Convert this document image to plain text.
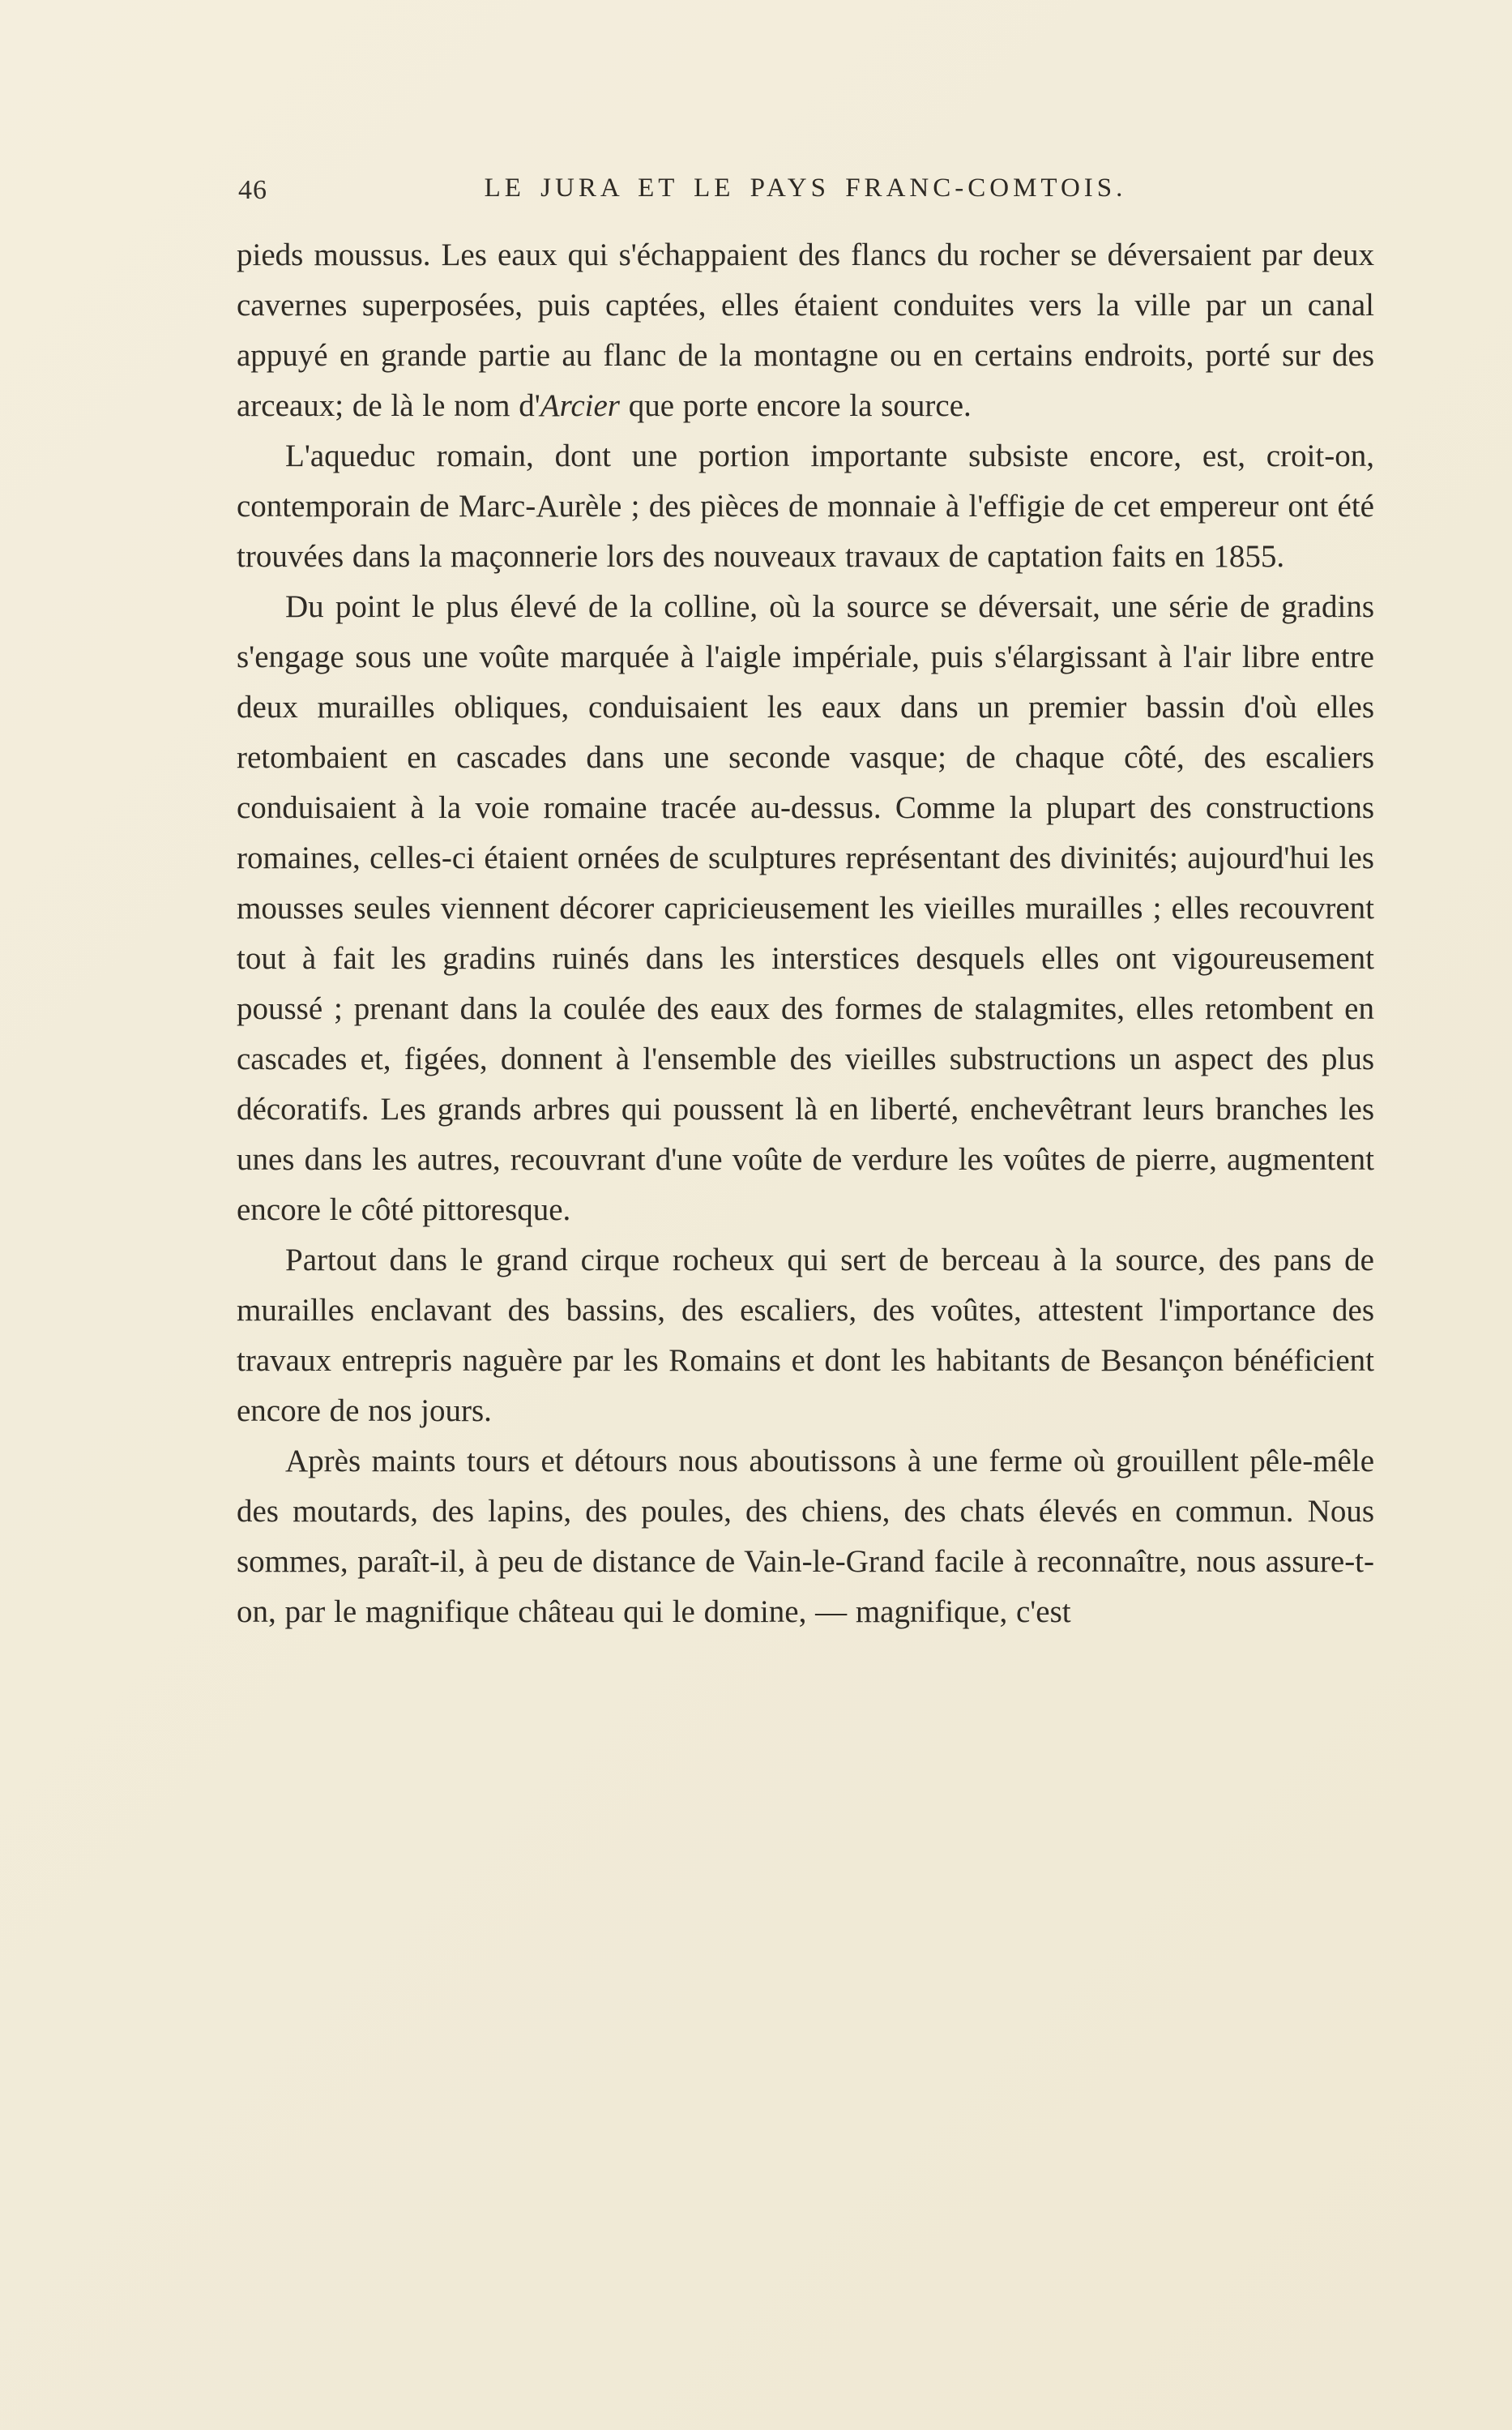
46	LE JURA ET LE PAYS FRANC-COMTOIS.

pieds moussus. Les eaux qui s'échappaient des flancs du rocher se déversaient par deux cavernes superposées, puis captées, elles étaient conduites vers la ville par un canal appuyé en grande partie au flanc de la montagne ou en certains endroits, porté sur des arceaux; de là le nom d'Arcier que porte encore la source.

L'aqueduc romain, dont une portion importante subsiste encore, est, croit-on, contemporain de Marc-Aurèle ; des pièces de monnaie à l'effigie de cet empereur ont été trouvées dans la maçonnerie lors des nouveaux travaux de captation faits en 1855.

Du point le plus élevé de la colline, où la source se déversait, une série de gradins s'engage sous une voûte marquée à l'aigle impériale, puis s'élargissant à l'air libre entre deux murailles obliques, conduisaient les eaux dans un premier bassin d'où elles retombaient en cascades dans une seconde vasque; de chaque côté, des escaliers conduisaient à la voie romaine tracée au-dessus. Comme la plupart des constructions romaines, celles-ci étaient ornées de sculptures représentant des divinités; aujourd'hui les mousses seules viennent décorer capricieusement les vieilles murailles ; elles recouvrent tout à fait les gradins ruinés dans les interstices desquels elles ont vigoureusement poussé ; prenant dans la coulée des eaux des formes de stalagmites, elles retombent en cascades et, figées, donnent à l'ensemble des vieilles substructions un aspect des plus décoratifs. Les grands arbres qui poussent là en liberté, enchevêtrant leurs branches les unes dans les autres, recouvrant d'une voûte de verdure les voûtes de pierre, augmentent encore le côté pittoresque.

Partout dans le grand cirque rocheux qui sert de berceau à la source, des pans de murailles enclavant des bassins, des escaliers, des voûtes, attestent l'importance des travaux entrepris naguère par les Romains et dont les habitants de Besançon bénéficient encore de nos jours.

Après maints tours et détours nous aboutissons à une ferme où grouillent pêle-mêle des moutards, des lapins, des poules, des chiens, des chats élevés en commun. Nous sommes, paraît-il, à peu de distance de Vain-le-Grand facile à reconnaître, nous assure-t-on, par le magnifique château qui le domine, — magnifique, c'est
